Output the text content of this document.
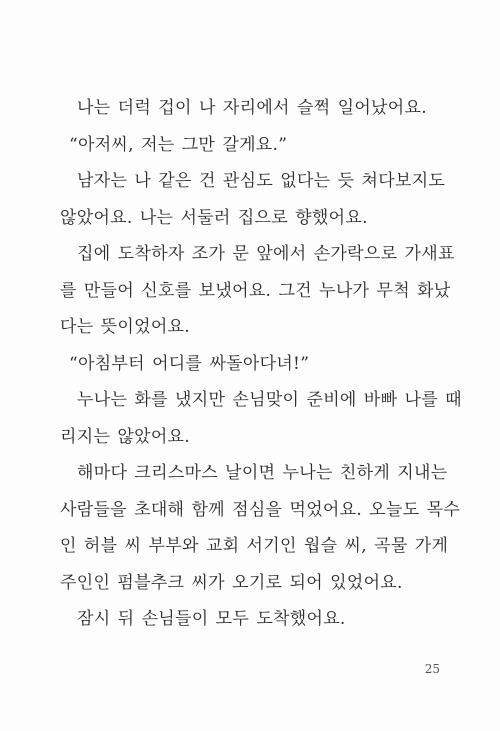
나는 더럭 겁이 나 자리에서 슬쩍 일어났어요.
“아저씨, 저는 그만 갈게요.”
남자는 나 같은 건 관심도 없다는 듯 쳐다보지도
않았어요. 나는 서둘러 집으로 향했어요.
집에 도착하자 조가 문 앞에서 손가락으로 가새표
를 만들어 신호를 보냈어요. 그건 누나가 무척 화났
다는 뜻이었어요.
“아침부터 어디를 싸돌아다녀!”
누나는 화를 냈지만 손님맞이 준비에 바빠 나를 때
리지는 않았어요.
해마다 크리스마스 날이면 누나는 친하게 지내는
사람들을 초대해 함께 점심을 먹었어요. 오늘도 목수
인 허블 씨 부부와 교회 서기인 웝슬 씨, 곡물 가게
주인인 펌블추크 씨가 오기로 되어 있었어요.
잠시 뒤 손님들이 모두 도착했어요.
25
